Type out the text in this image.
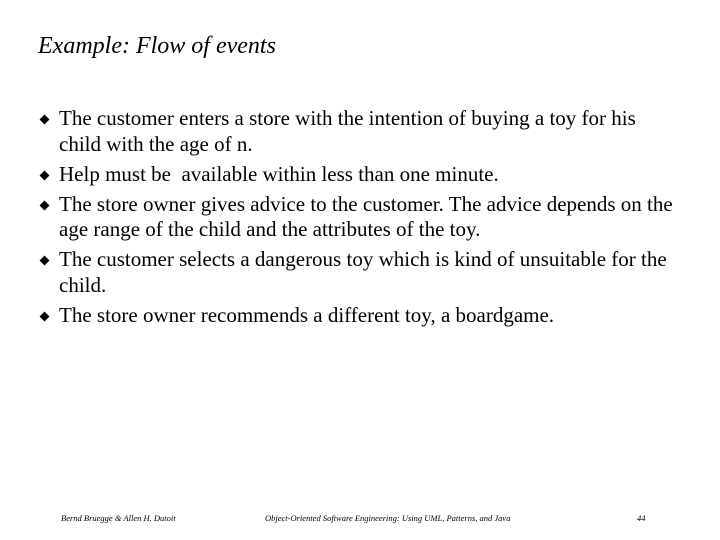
Example: Flow of events
The customer enters a store with the intention of buying a toy for his child with the age of n.
Help must be  available within less than one minute.
The store owner gives advice to the customer. The advice depends on the age range of the child and the attributes of the toy.
The customer selects a dangerous toy which is kind of unsuitable for the child.
The store owner recommends a different toy, a boardgame.
Bernd Bruegge & Allen H. Dutoit	Object-Oriented Software Engineering: Using UML, Patterns, and Java	44
